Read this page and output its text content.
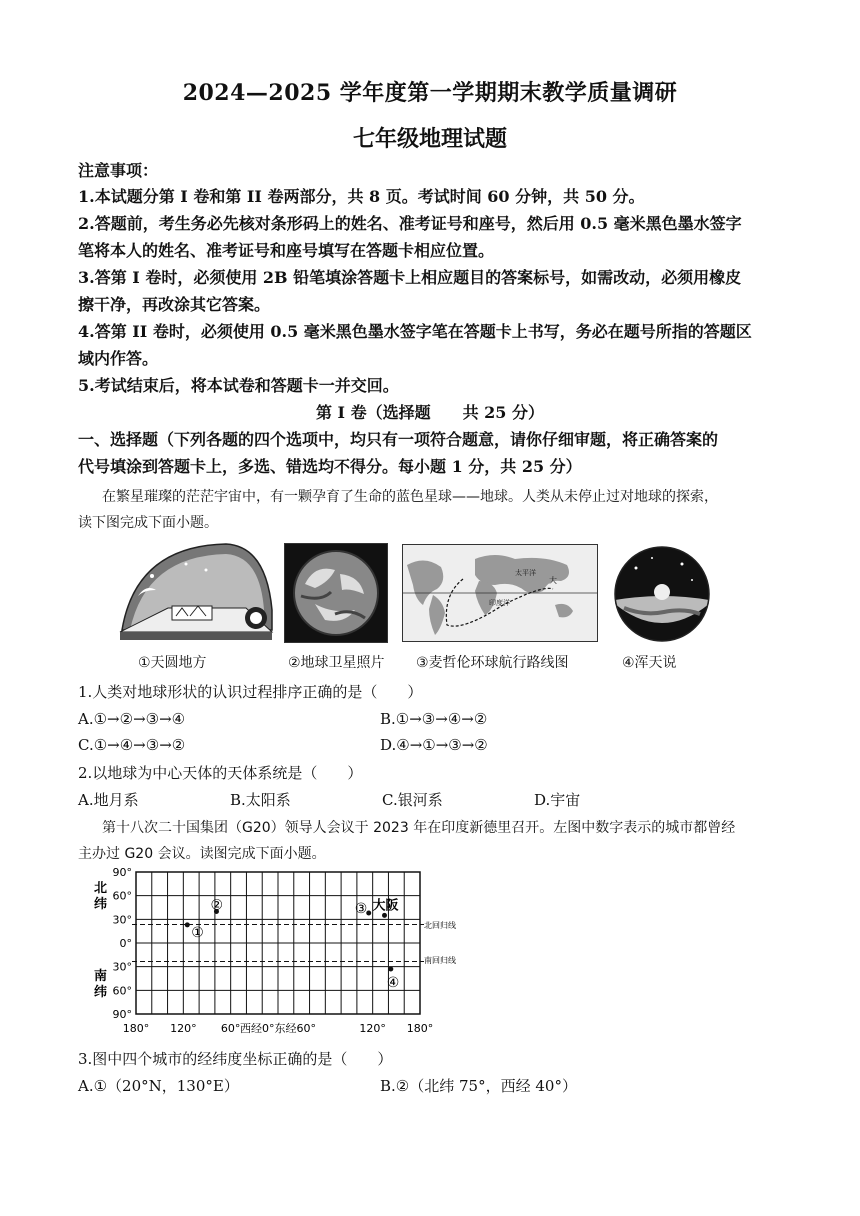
2024—2025 学年度第一学期期末教学质量调研
七年级地理试题
注意事项：
1.本试题分第 I 卷和第 II 卷两部分，共 8 页。考试时间 60 分钟，共 50 分。
2.答题前，考生务必先核对条形码上的姓名、准考证号和座号，然后用 0.5 毫米黑色墨水签字
笔将本人的姓名、准考证号和座号填写在答题卡相应位置。
3.答第 I 卷时，必须使用 2B 铅笔填涂答题卡上相应题目的答案标号，如需改动，必须用橡皮
擦干净，再改涂其它答案。
4.答第 II 卷时，必须使用 0.5 毫米黑色墨水签字笔在答题卡上书写，务必在题号所指的答题区
域内作答。
5.考试结束后，将本试卷和答题卡一并交回。
第 I 卷（选择题　　共 25 分）
一、选择题（下列各题的四个选项中，均只有一项符合题意，请你仔细审题，将正确答案的
代号填涂到答题卡上，多选、错选均不得分。每小题 1 分，共 25 分）
在繁星璀璨的茫茫宇宙中，有一颗孕育了生命的蓝色星球——地球。人类从未停止过对地球的探索，
读下图完成下面小题。
太平洋
大
印度洋
①天圆地方	②地球卫星照片 ③麦哲伦环球航行路线图	④浑天说
1.人类对地球形状的认识过程排序正确的是（　　）
A.①→②→③→④	B.①→③→④→②
C.①→④→③→②	D.④→①→③→②
2.以地球为中心天体的天体系统是（　　）
A.地月系	B.太阳系	C.银河系	D.宇宙
第十八次二十国集团（G20）领导人会议于 2023 年在印度新德里召开。左图中数字表示的城市都曾经
主办过 G20 会议。读图完成下面小题。
90°
60°
30°
0°
30°
60°
90°
180° 120° 60° 西经0°东经60°	120° 180°
北回归线
南回归线
①
②	③
④
大阪
北
纬
南
纬
3.图中四个城市的经纬度坐标正确的是（　　）
A.①（20°N，130°E）	B.②（北纬 75°，西经 40°）
